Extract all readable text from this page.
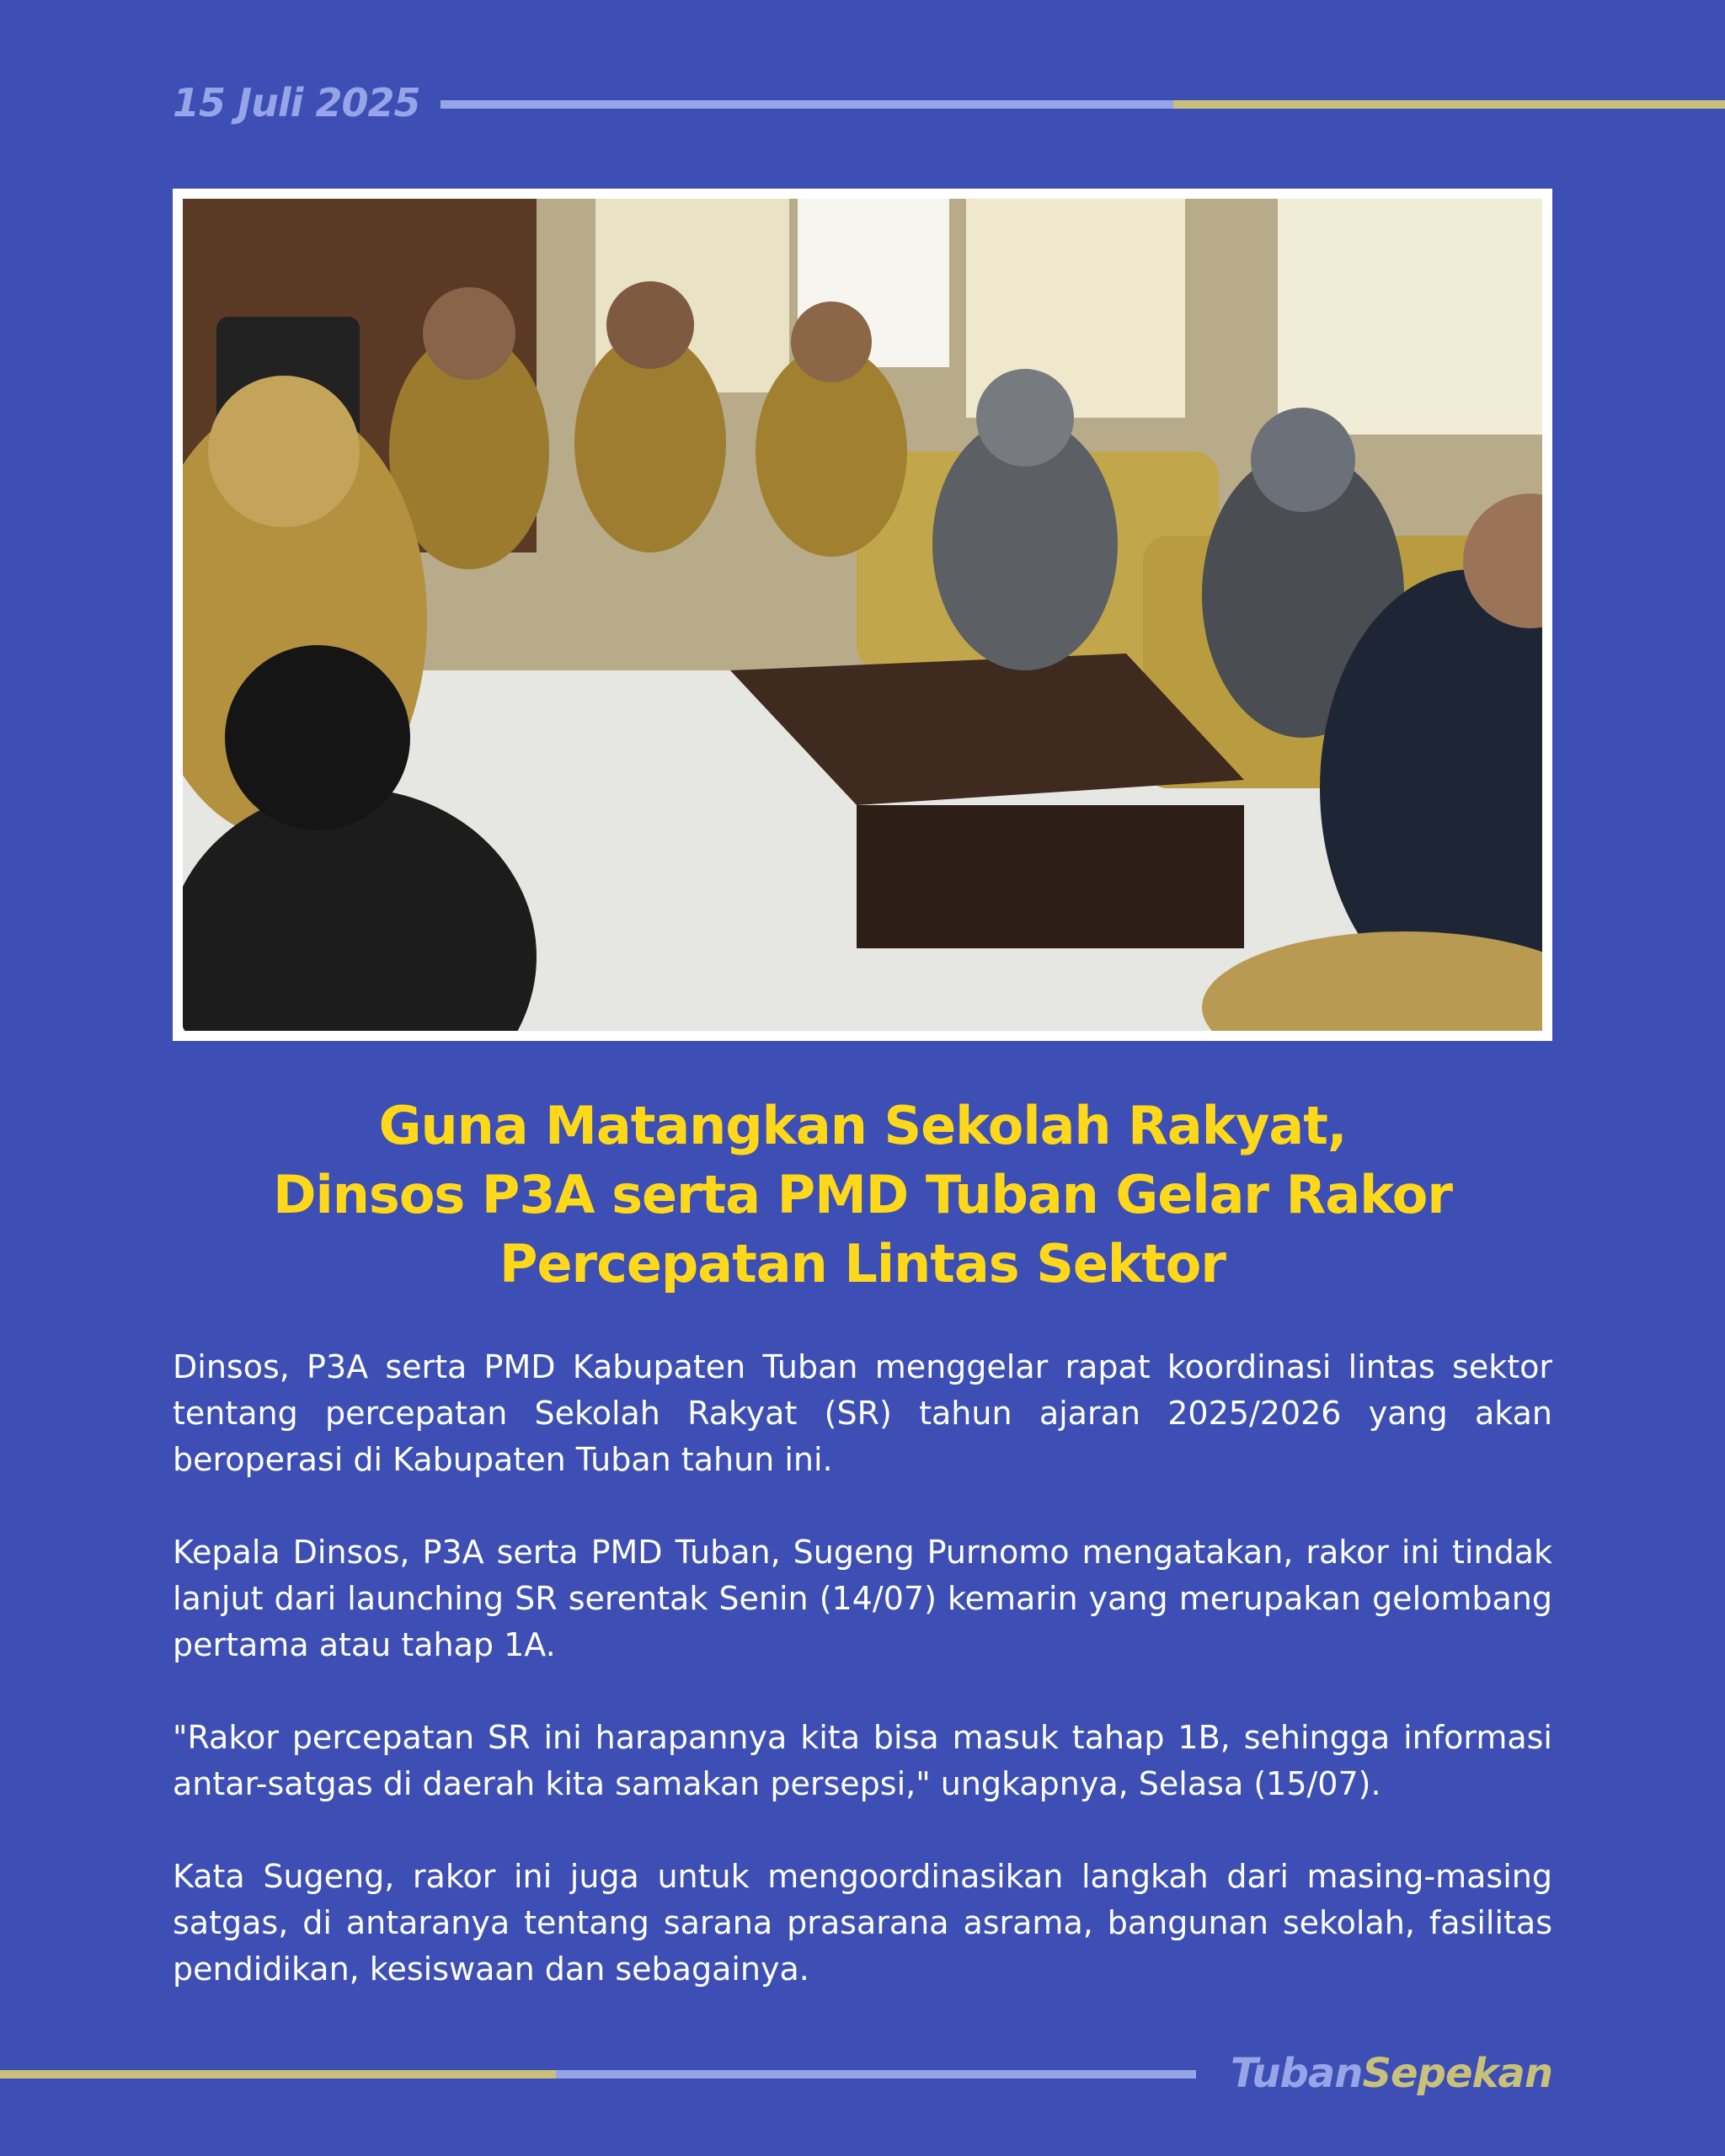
15 Juli 2025
Guna Matangkan Sekolah Rakyat,
Dinsos P3A serta PMD Tuban Gelar Rakor
Percepatan Lintas Sektor

Dinsos, P3A serta PMD Kabupaten Tuban menggelar rapat koordinasi lintas sektor tentang percepatan Sekolah Rakyat (SR) tahun ajaran 2025/2026 yang akan beroperasi di Kabupaten Tuban tahun ini.

Kepala Dinsos, P3A serta PMD Tuban, Sugeng Purnomo mengatakan, rakor ini tindak lanjut dari launching SR serentak Senin (14/07) kemarin yang merupakan gelombang pertama atau tahap 1A.

"Rakor percepatan SR ini harapannya kita bisa masuk tahap 1B, sehingga informasi antar-satgas di daerah kita samakan persepsi," ungkapnya, Selasa (15/07).

Kata Sugeng, rakor ini juga untuk mengoordinasikan langkah dari masing-masing satgas, di antaranya tentang sarana prasarana asrama, bangunan sekolah, fasilitas pendidikan, kesiswaan dan sebagainya.

TubanSepekan
